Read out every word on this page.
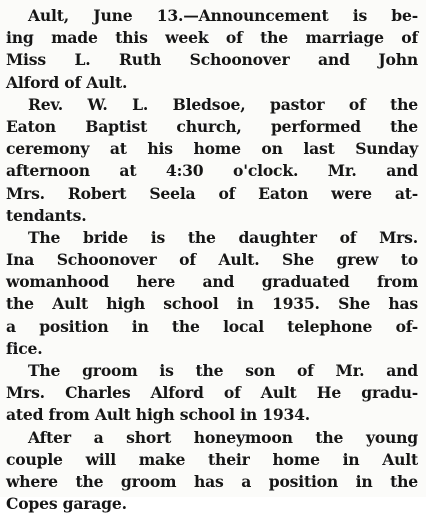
Ault, June 13.—Announcement is be-
ing made this week of the marriage of
Miss L. Ruth Schoonover and John
Alford of Ault.
Rev. W. L. Bledsoe, pastor of the
Eaton Baptist church, performed the
ceremony at his home on last Sunday
afternoon at 4:30 o'clock. Mr. and
Mrs. Robert Seela of Eaton were at-
tendants.
The bride is the daughter of Mrs.
Ina Schoonover of Ault. She grew to
womanhood here and graduated from
the Ault high school in 1935. She has
a position in the local telephone of-
fice.
The groom is the son of Mr. and
Mrs. Charles Alford of Ault He gradu-
ated from Ault high school in 1934.
After a short honeymoon the young
couple will make their home in Ault
where the groom has a position in the
Copes garage.
